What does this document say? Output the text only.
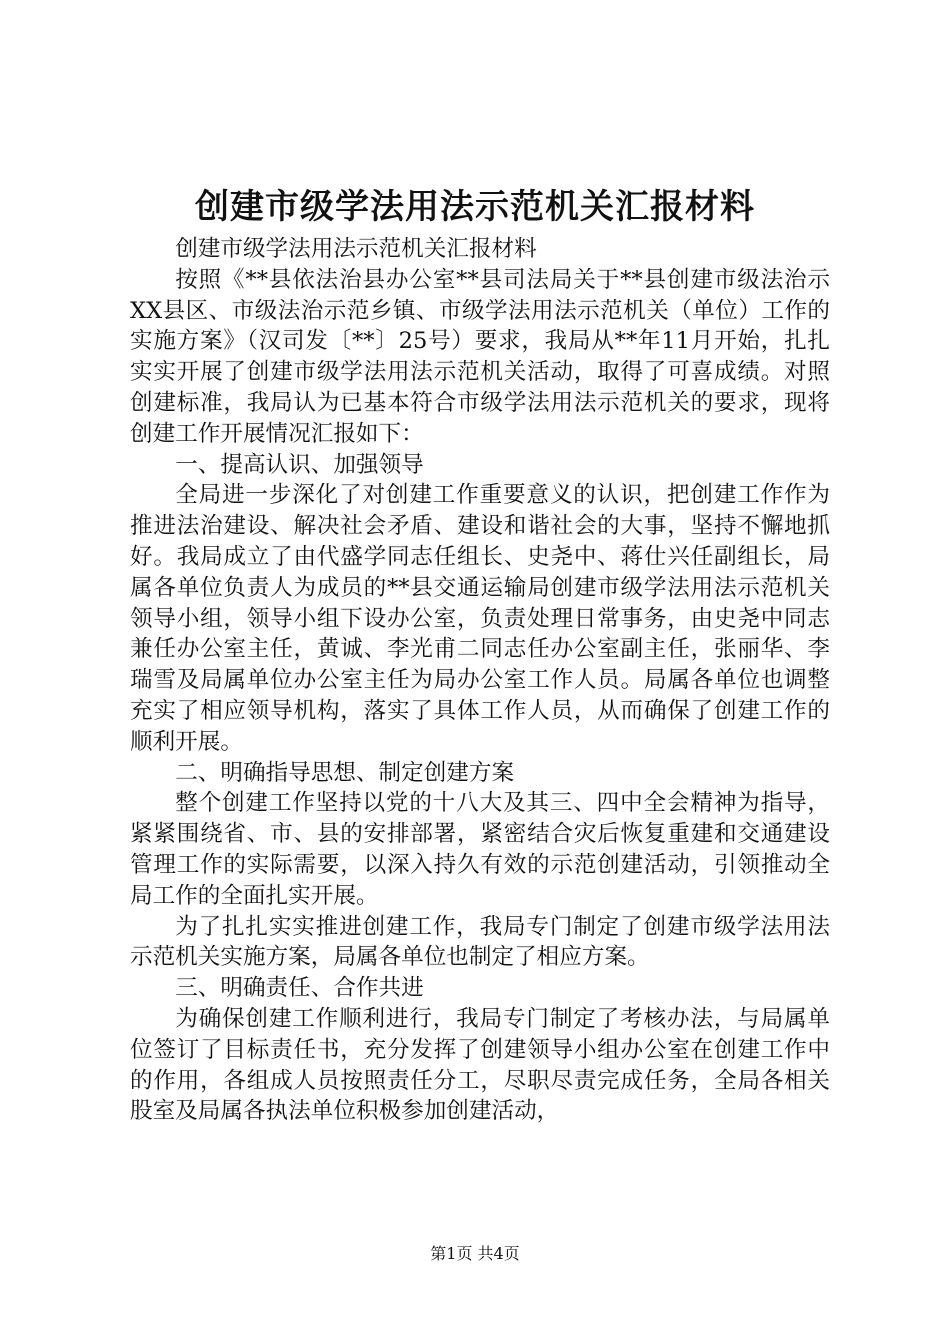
创建市级学法用法示范机关汇报材料

创建市级学法用法示范机关汇报材料

按照《**县依法治县办公室**县司法局关于**县创建市级法治示XX县区、市级法治示范乡镇、市级学法用法示范机关（单位）工作的实施方案》（汉司发〔**〕25号）要求，我局从**年11月开始，扎扎实实开展了创建市级学法用法示范机关活动，取得了可喜成绩。对照创建标准，我局认为已基本符合市级学法用法示范机关的要求，现将创建工作开展情况汇报如下：

一、提高认识、加强领导

全局进一步深化了对创建工作重要意义的认识，把创建工作作为推进法治建设、解决社会矛盾、建设和谐社会的大事，坚持不懈地抓好。我局成立了由代盛学同志任组长、史尧中、蒋仕兴任副组长，局属各单位负责人为成员的**县交通运输局创建市级学法用法示范机关领导小组，领导小组下设办公室，负责处理日常事务，由史尧中同志兼任办公室主任，黄诚、李光甫二同志任办公室副主任，张丽华、李瑞雪及局属单位办公室主任为局办公室工作人员。局属各单位也调整充实了相应领导机构，落实了具体工作人员，从而确保了创建工作的顺利开展。

二、明确指导思想、制定创建方案

整个创建工作坚持以党的十八大及其三、四中全会精神为指导，紧紧围绕省、市、县的安排部署，紧密结合灾后恢复重建和交通建设管理工作的实际需要，以深入持久有效的示范创建活动，引领推动全局工作的全面扎实开展。

为了扎扎实实推进创建工作，我局专门制定了创建市级学法用法示范机关实施方案，局属各单位也制定了相应方案。

三、明确责任、合作共进

为确保创建工作顺利进行，我局专门制定了考核办法，与局属单位签订了目标责任书，充分发挥了创建领导小组办公室在创建工作中的作用，各组成人员按照责任分工，尽职尽责完成任务，全局各相关股室及局属各执法单位积极参加创建活动，

第1页 共4页
